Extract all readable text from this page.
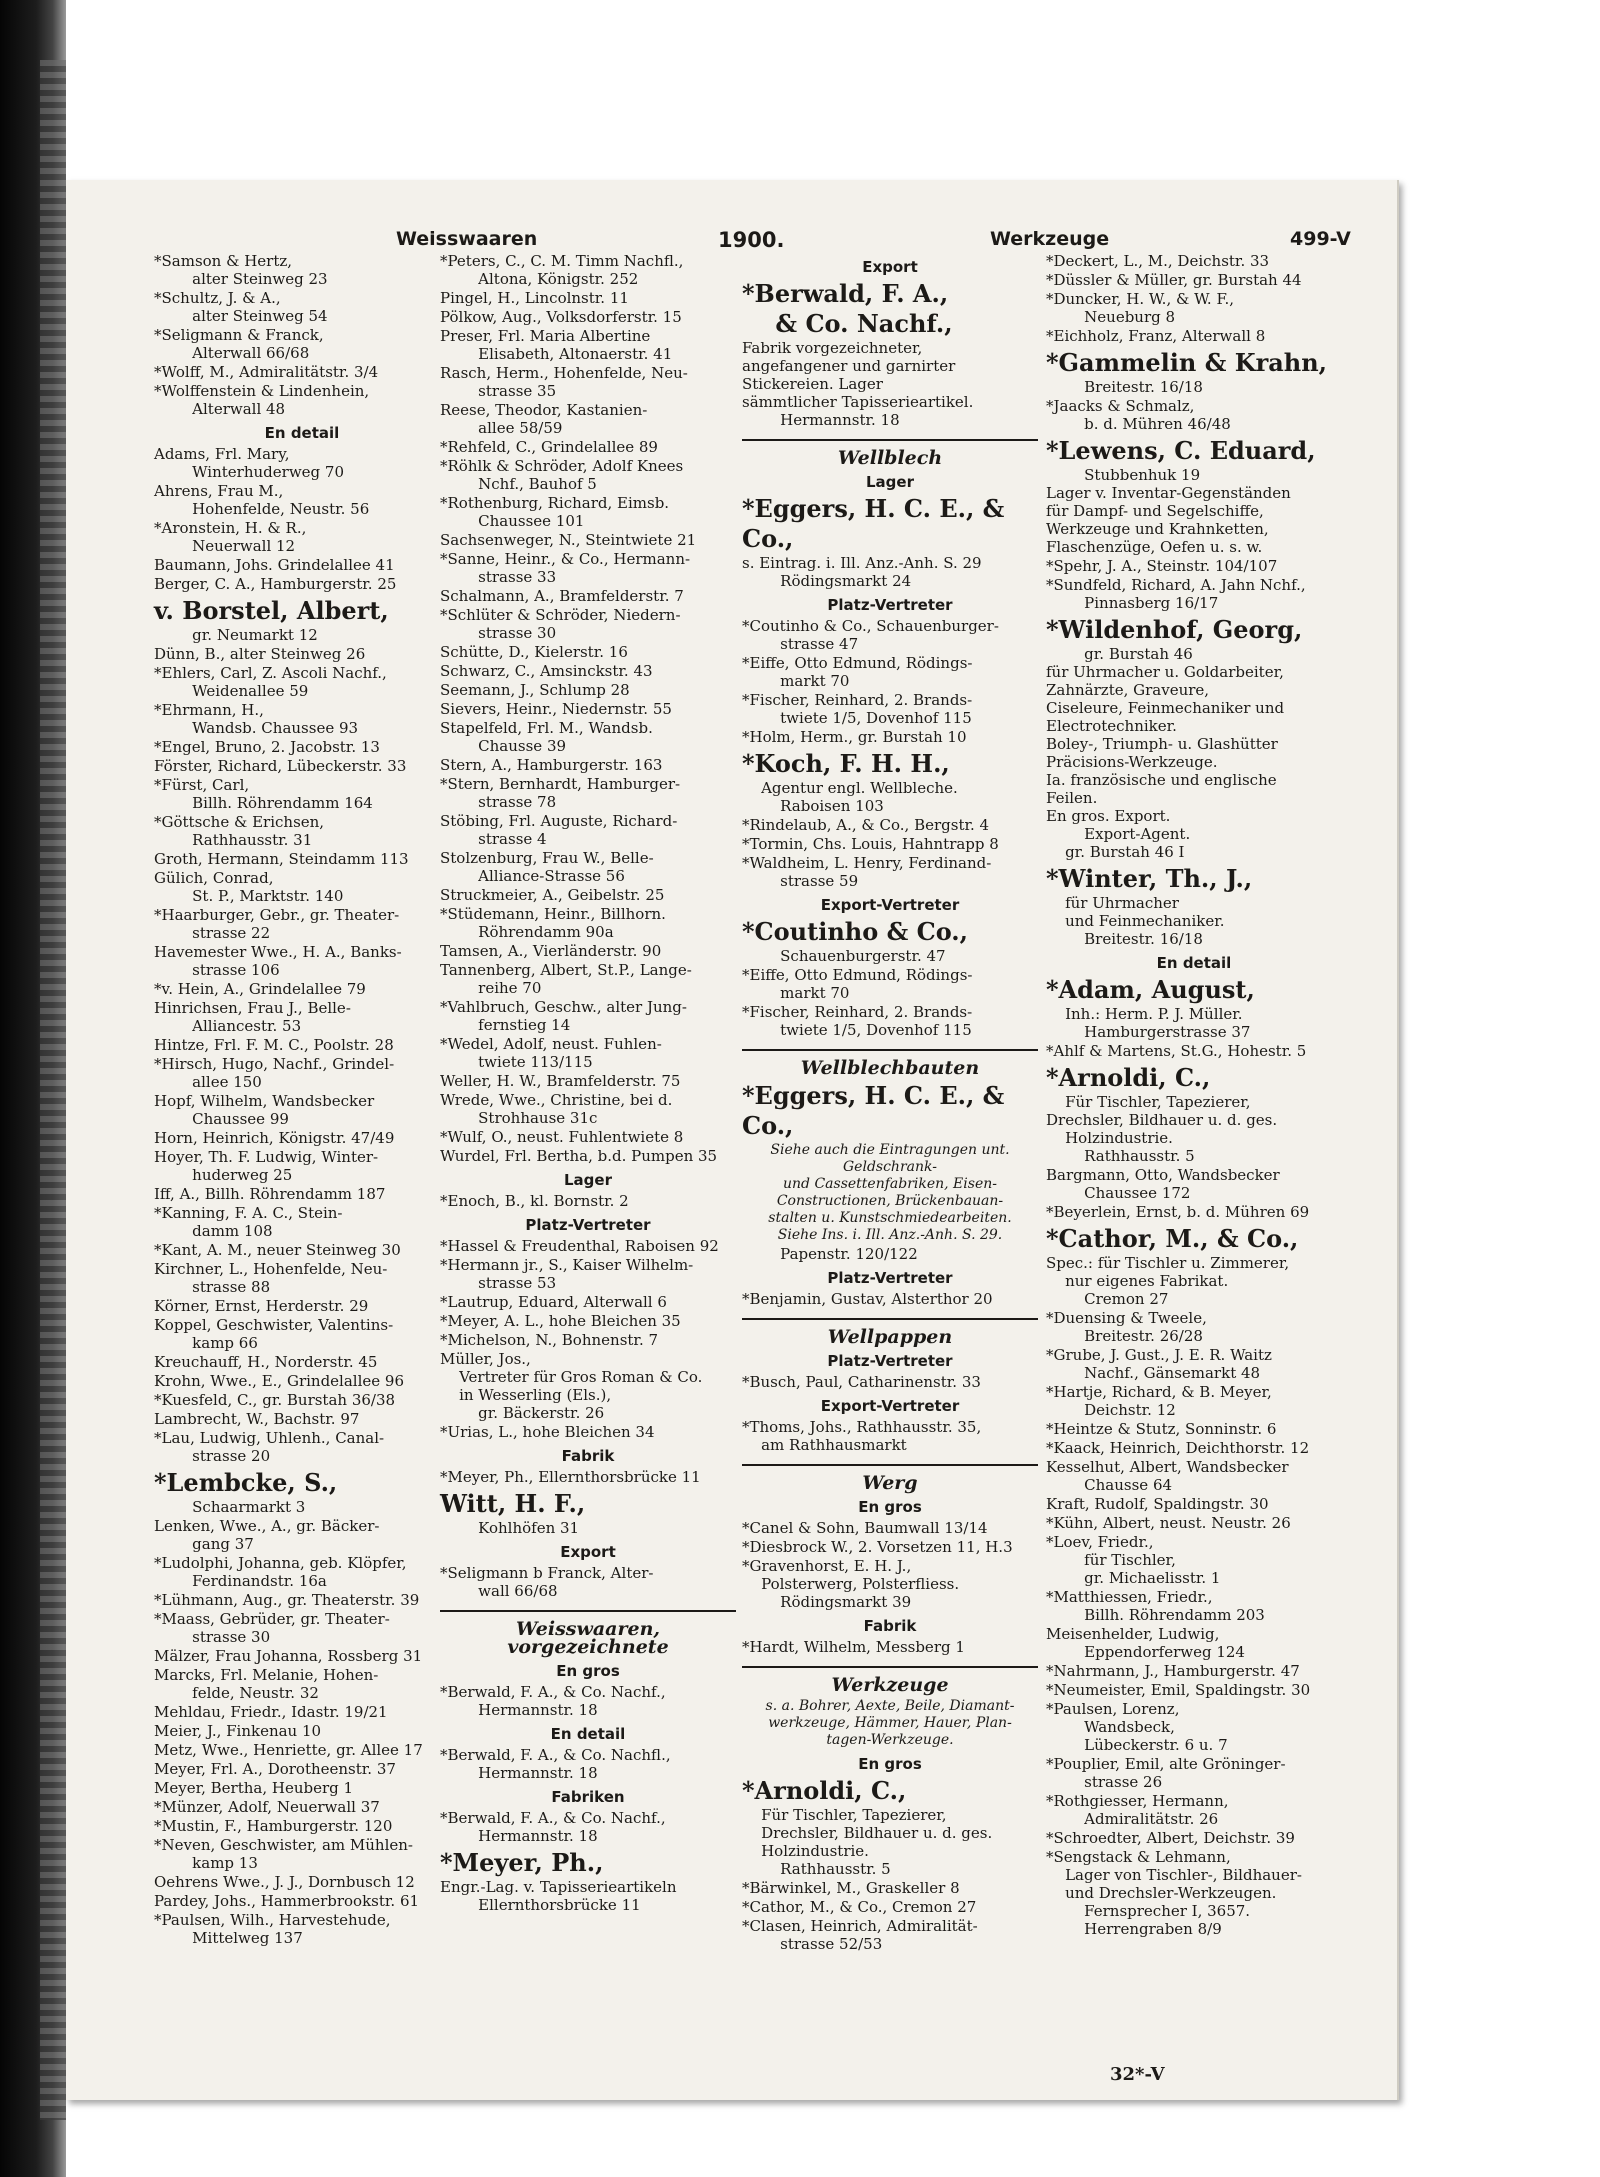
Weisswaaren	1900.	Werkzeuge	499-V
*Samson & Hertz,
alter Steinweg 23
*Schultz, J. & A.,
alter Steinweg 54
*Seligmann & Franck,
Alterwall 66/68
*Wolff, M., Admiralitätstr. 3/4
*Wolffenstein & Lindenhein,
Alterwall 48
En detail
Adams, Frl. Mary,
Winterhuderweg 70
Ahrens, Frau M.,
Hohenfelde, Neustr. 56
*Aronstein, H. & R.,
Neuerwall 12
Baumann, Johs. Grindelallee 41
Berger, C. A., Hamburgerstr. 25
v. Borstel, Albert,
gr. Neumarkt 12
Dünn, B., alter Steinweg 26
*Ehlers, Carl, Z. Ascoli Nachf.,
Weidenallee 59
*Ehrmann, H.,
Wandsb. Chaussee 93
*Engel, Bruno, 2. Jacobstr. 13
Förster, Richard, Lübeckerstr. 33
*Fürst, Carl,
Billh. Röhrendamm 164
*Göttsche & Erichsen,
Rathhausstr. 31
Groth, Hermann, Steindamm 113
Gülich, Conrad,
St. P., Marktstr. 140
*Haarburger, Gebr., gr. Theater-
strasse 22
Havemester Wwe., H. A., Banks-
strasse 106
*v. Hein, A., Grindelallee 79
Hinrichsen, Frau J., Belle-
Alliancestr. 53
Hintze, Frl. F. M. C., Poolstr. 28
*Hirsch, Hugo, Nachf., Grindel-
allee 150
Hopf, Wilhelm, Wandsbecker
Chaussee 99
Horn, Heinrich, Königstr. 47/49
Hoyer, Th. F. Ludwig, Winter-
huderweg 25
Iff, A., Billh. Röhrendamm 187
*Kanning, F. A. C., Stein-
damm 108
*Kant, A. M., neuer Steinweg 30
Kirchner, L., Hohenfelde, Neu-
strasse 88
Körner, Ernst, Herderstr. 29
Koppel, Geschwister, Valentins-
kamp 66
Kreuchauff, H., Norderstr. 45
Krohn, Wwe., E., Grindelallee 96
*Kuesfeld, C., gr. Burstah 36/38
Lambrecht, W., Bachstr. 97
*Lau, Ludwig, Uhlenh., Canal-
strasse 20
*Lembcke, S.,
Schaarmarkt 3
Lenken, Wwe., A., gr. Bäcker-
gang 37
*Ludolphi, Johanna, geb. Klöpfer,
Ferdinandstr. 16a
*Lühmann, Aug., gr. Theaterstr. 39
*Maass, Gebrüder, gr. Theater-
strasse 30
Mälzer, Frau Johanna, Rossberg 31
Marcks, Frl. Melanie, Hohen-
felde, Neustr. 32
Mehldau, Friedr., Idastr. 19/21
Meier, J., Finkenau 10
Metz, Wwe., Henriette, gr. Allee 17
Meyer, Frl. A., Dorotheenstr. 37
Meyer, Bertha, Heuberg 1
*Münzer, Adolf, Neuerwall 37
*Mustin, F., Hamburgerstr. 120
*Neven, Geschwister, am Mühlen-
kamp 13
Oehrens Wwe., J. J., Dornbusch 12
Pardey, Johs., Hammerbrookstr. 61
*Paulsen, Wilh., Harvestehude,
Mittelweg 137
*Peters, C., C. M. Timm Nachfl.,
Altona, Königstr. 252
Pingel, H., Lincolnstr. 11
Pölkow, Aug., Volksdorferstr. 15
Preser, Frl. Maria Albertine
Elisabeth, Altonaerstr. 41
Rasch, Herm., Hohenfelde, Neu-
strasse 35
Reese, Theodor, Kastanien-
allee 58/59
*Rehfeld, C., Grindelallee 89
*Röhlk & Schröder, Adolf Knees
Nchf., Bauhof 5
*Rothenburg, Richard, Eimsb.
Chaussee 101
Sachsenweger, N., Steintwiete 21
*Sanne, Heinr., & Co., Hermann-
strasse 33
Schalmann, A., Bramfelderstr. 7
*Schlüter & Schröder, Niedern-
strasse 30
Schütte, D., Kielerstr. 16
Schwarz, C., Amsinckstr. 43
Seemann, J., Schlump 28
Sievers, Heinr., Niedernstr. 55
Stapelfeld, Frl. M., Wandsb.
Chausse 39
Stern, A., Hamburgerstr. 163
*Stern, Bernhardt, Hamburger-
strasse 78
Stöbing, Frl. Auguste, Richard-
strasse 4
Stolzenburg, Frau W., Belle-
Alliance-Strasse 56
Struckmeier, A., Geibelstr. 25
*Stüdemann, Heinr., Billhorn.
Röhrendamm 90a
Tamsen, A., Vierländerstr. 90
Tannenberg, Albert, St.P., Lange-
reihe 70
*Vahlbruch, Geschw., alter Jung-
fernstieg 14
*Wedel, Adolf, neust. Fuhlen-
twiete 113/115
Weller, H. W., Bramfelderstr. 75
Wrede, Wwe., Christine, bei d.
Strohhause 31c
*Wulf, O., neust. Fuhlentwiete 8
Wurdel, Frl. Bertha, b.d. Pumpen 35
Lager
*Enoch, B., kl. Bornstr. 2
Platz-Vertreter
*Hassel & Freudenthal, Raboisen 92
*Hermann jr., S., Kaiser Wilhelm-
strasse 53
*Lautrup, Eduard, Alterwall 6
*Meyer, A. L., hohe Bleichen 35
*Michelson, N., Bohnenstr. 7
Müller, Jos.,
Vertreter für Gros Roman & Co.
in Wesserling (Els.),
gr. Bäckerstr. 26
*Urias, L., hohe Bleichen 34
Fabrik
*Meyer, Ph., Ellernthorsbrücke 11
Witt, H. F.,
Kohlhöfen 31
Export
*Seligmann b Franck, Alter-
wall 66/68
Weisswaaren, vorgezeichnete
En gros
*Berwald, F. A., & Co. Nachf.,
Hermannstr. 18
En detail
*Berwald, F. A., & Co. Nachfl.,
Hermannstr. 18
Fabriken
*Berwald, F. A., & Co. Nachf.,
Hermannstr. 18
*Meyer, Ph.,
Engr.-Lag. v. Tapisserieartikeln
Ellernthorsbrücke 11
Export
*Berwald, F. A.,
& Co. Nachf.,
Fabrik vorgezeichneter,
angefangener und garnirter
Stickereien. Lager
sämmtlicher Tapisserieartikel.
Hermannstr. 18
Wellblech
Lager
*Eggers, H. C. E., & Co.,
s. Eintrag. i. Ill. Anz.-Anh. S. 29
Rödingsmarkt 24
Platz-Vertreter
*Coutinho & Co., Schauenburger-
strasse 47
*Eiffe, Otto Edmund, Rödings-
markt 70
*Fischer, Reinhard, 2. Brands-
twiete 1/5, Dovenhof 115
*Holm, Herm., gr. Burstah 10
*Koch, F. H. H.,
Agentur engl. Wellbleche.
Raboisen 103
*Rindelaub, A., & Co., Bergstr. 4
*Tormin, Chs. Louis, Hahntrapp 8
*Waldheim, L. Henry, Ferdinand-
strasse 59
Export-Vertreter
*Coutinho & Co.,
Schauenburgerstr. 47
*Eiffe, Otto Edmund, Rödings-
markt 70
*Fischer, Reinhard, 2. Brands-
twiete 1/5, Dovenhof 115
Wellblechbauten
*Eggers, H. C. E., & Co.,
Siehe auch die Eintragungen unt.
Geldschrank-
und Cassettenfabriken, Eisen-
Constructionen, Brückenbauan-
stalten u. Kunstschmiedearbeiten.
Siehe Ins. i. Ill. Anz.-Anh. S. 29.
Papenstr. 120/122
Platz-Vertreter
*Benjamin, Gustav, Alsterthor 20
Wellpappen
Platz-Vertreter
*Busch, Paul, Catharinenstr. 33
Export-Vertreter
*Thoms, Johs., Rathhausstr. 35,
am Rathhausmarkt
Werg
En gros
*Canel & Sohn, Baumwall 13/14
*Diesbrock W., 2. Vorsetzen 11, H.3
*Gravenhorst, E. H. J.,
Polsterwerg, Polsterfliess.
Rödingsmarkt 39
Fabrik
*Hardt, Wilhelm, Messberg 1
Werkzeuge
s. a. Bohrer, Aexte, Beile, Diamant-
werkzeuge, Hämmer, Hauer, Plan-
tagen-Werkzeuge.
En gros
*Arnoldi, C.,
Für Tischler, Tapezierer,
Drechsler, Bildhauer u. d. ges.
Holzindustrie.
Rathhausstr. 5
*Bärwinkel, M., Graskeller 8
*Cathor, M., & Co., Cremon 27
*Clasen, Heinrich, Admiralität-
strasse 52/53
*Deckert, L., M., Deichstr. 33
*Düssler & Müller, gr. Burstah 44
*Duncker, H. W., & W. F.,
Neueburg 8
*Eichholz, Franz, Alterwall 8
*Gammelin & Krahn,
Breitestr. 16/18
*Jaacks & Schmalz,
b. d. Mühren 46/48
*Lewens, C. Eduard,
Stubbenhuk 19
Lager v. Inventar-Gegenständen
für Dampf- und Segelschiffe,
Werkzeuge und Krahnketten,
Flaschenzüge, Oefen u. s. w.
*Spehr, J. A., Steinstr. 104/107
*Sundfeld, Richard, A. Jahn Nchf.,
Pinnasberg 16/17
*Wildenhof, Georg,
gr. Burstah 46
für Uhrmacher u. Goldarbeiter,
Zahnärzte, Graveure,
Ciseleure, Feinmechaniker und
Electrotechniker.
Boley-, Triumph- u. Glashütter
Präcisions-Werkzeuge.
Ia. französische und englische
Feilen.
En gros. Export.
Export-Agent.
gr. Burstah 46 I
*Winter, Th., J.,
für Uhrmacher
und Feinmechaniker.
Breitestr. 16/18
En detail
*Adam, August,
Inh.: Herm. P. J. Müller.
Hamburgerstrasse 37
*Ahlf & Martens, St.G., Hohestr. 5
*Arnoldi, C.,
Für Tischler, Tapezierer,
Drechsler, Bildhauer u. d. ges.
Holzindustrie.
Rathhausstr. 5
Bargmann, Otto, Wandsbecker
Chaussee 172
*Beyerlein, Ernst, b. d. Mühren 69
*Cathor, M., & Co.,
Spec.: für Tischler u. Zimmerer,
nur eigenes Fabrikat.
Cremon 27
*Duensing & Tweele,
Breitestr. 26/28
*Grube, J. Gust., J. E. R. Waitz
Nachf., Gänsemarkt 48
*Hartje, Richard, & B. Meyer,
Deichstr. 12
*Heintze & Stutz, Sonninstr. 6
*Kaack, Heinrich, Deichthorstr. 12
Kesselhut, Albert, Wandsbecker
Chausse 64
Kraft, Rudolf, Spaldingstr. 30
*Kühn, Albert, neust. Neustr. 26
*Loev, Friedr.,
für Tischler,
gr. Michaelisstr. 1
*Matthiessen, Friedr.,
Billh. Röhrendamm 203
Meisenhelder, Ludwig,
Eppendorferweg 124
*Nahrmann, J., Hamburgerstr. 47
*Neumeister, Emil, Spaldingstr. 30
*Paulsen, Lorenz,
Wandsbeck,
Lübeckerstr. 6 u. 7
*Pouplier, Emil, alte Gröninger-
strasse 26
*Rothgiesser, Hermann,
Admiralitätstr. 26
*Schroedter, Albert, Deichstr. 39
*Sengstack & Lehmann,
Lager von Tischler-, Bildhauer-
und Drechsler-Werkzeugen.
Fernsprecher I, 3657.
Herrengraben 8/9
32*-V
